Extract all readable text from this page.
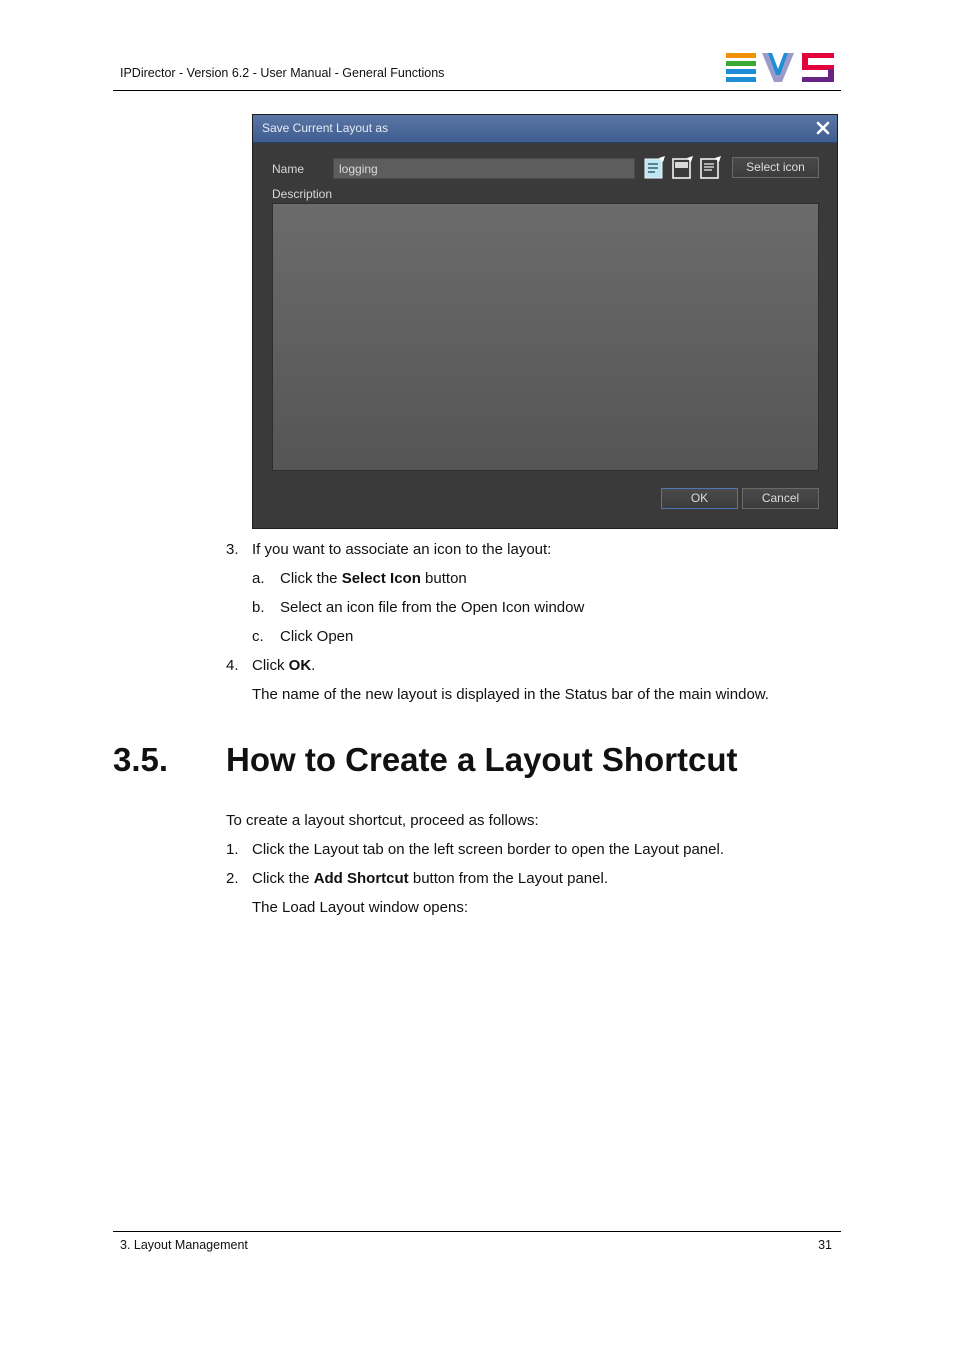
IPDirector - Version 6.2 - User Manual - General Functions
Save Current Layout as
Name	logging	Select icon
Description
OK	Cancel
3. If you want to associate an icon to the layout:
a. Click the Select Icon button
b. Select an icon file from the Open Icon window
c. Click Open
4. Click OK.
The name of the new layout is displayed in the Status bar of the main window.
3.5. How to Create a Layout Shortcut
To create a layout shortcut, proceed as follows:
1. Click the Layout tab on the left screen border to open the Layout panel.
2. Click the Add Shortcut button from the Layout panel.
The Load Layout window opens:
3. Layout Management	31
